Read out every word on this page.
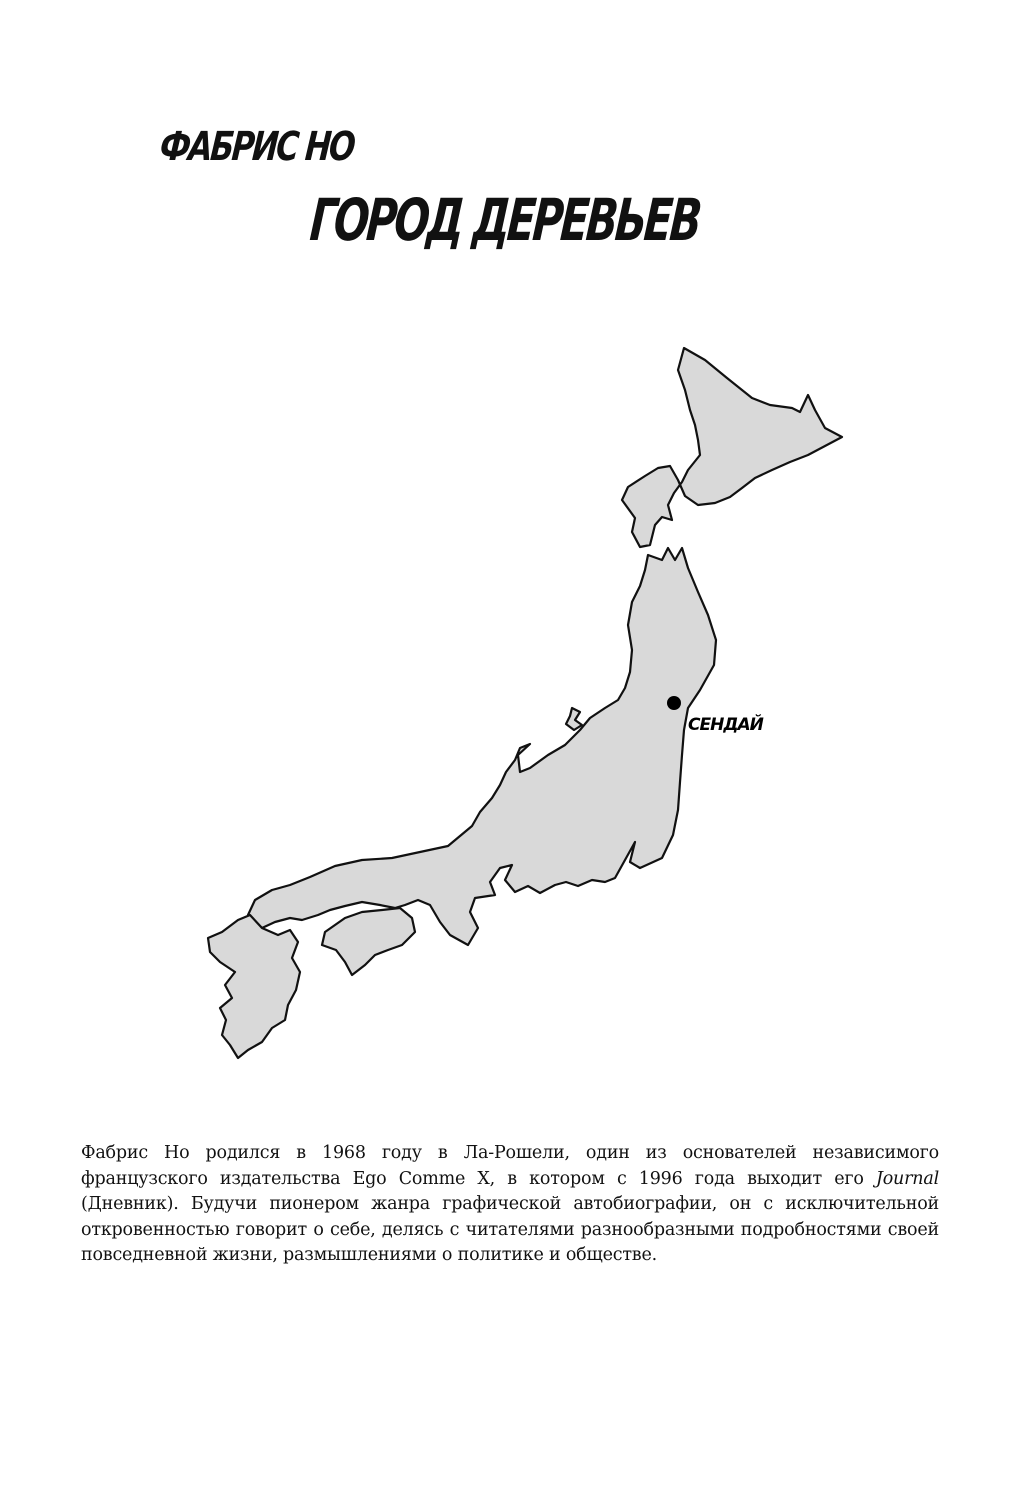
ФАБРИС НО
ГОРОД ДЕРЕВЬЕВ
СЕНДАЙ
Фабрис Но родился в 1968 году в Ла-Рошели, один из основателей независимого французского издательства Ego Comme X, в котором с 1996 года выходит его Journal (Дневник). Будучи пионером жанра графической автобиографии, он с исключительной откровенностью говорит о себе, делясь с читателями разнообразными подробностями своей повседневной жизни, размышлениями о политике и обществе.
